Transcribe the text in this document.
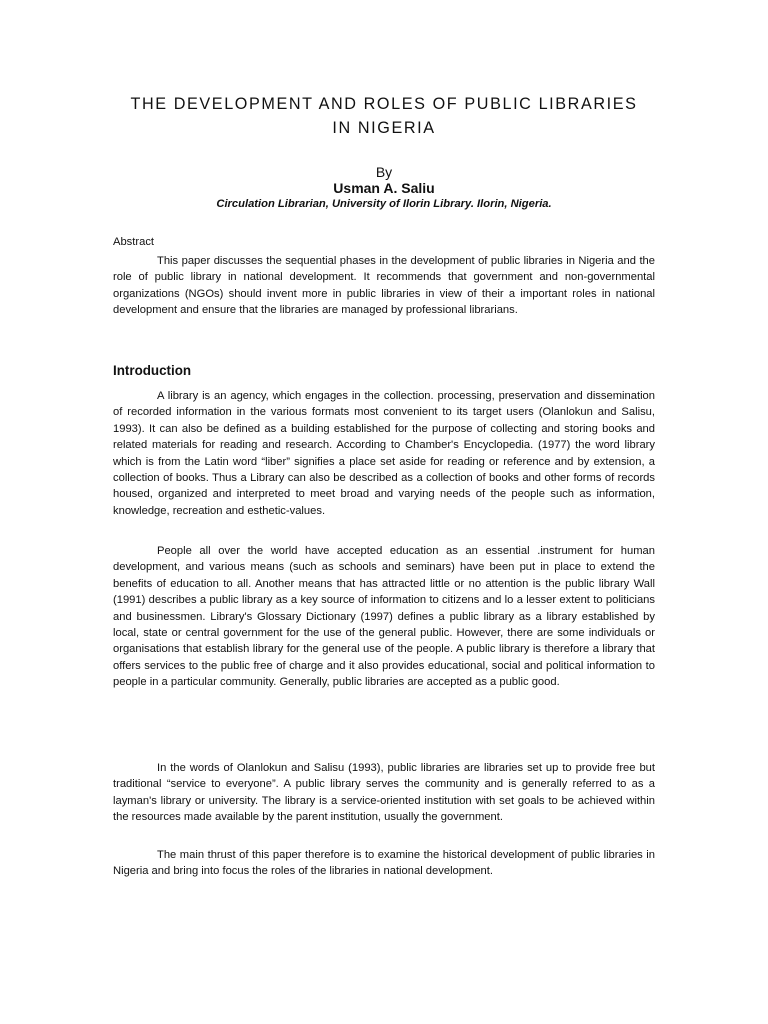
THE DEVELOPMENT AND ROLES OF PUBLIC LIBRARIES
IN NIGERIA
By
Usman A. Saliu
Circulation Librarian, University of Ilorin Library. Ilorin, Nigeria.
Abstract

This paper discusses the sequential phases in the development of public libraries in Nigeria and the role of public library in national development. It recommends that government and non-governmental organizations (NGOs) should invent more in public libraries in view of their a important roles in national development and ensure that the libraries are managed by professional librarians.

Introduction

A library is an agency, which engages in the collection. processing, preservation and dissemination of recorded information in the various formats most convenient to its target users (Olanlokun and Salisu, 1993). It can also be defined as a building established for the purpose of collecting and storing books and related materials for reading and research. According to Chamber's Encyclopedia. (1977) the word library which is from the Latin word “liber” signifies a place set aside for reading or reference and by extension, a collection of books. Thus a Library can also be described as a collection of books and other forms of records housed, organized and interpreted to meet broad and varying needs of the people such as information, knowledge, recreation and esthetic-values.

People all over the world have accepted education as an essential .instrument for human development, and various means (such as schools and seminars) have been put in place to extend the benefits of education to all. Another means that has attracted little or no attention is the public library Wall (1991) describes a public library as a key source of information to citizens and lo a lesser extent to politicians and businessmen. Library's Glossary Dictionary (1997) defines a public library as a library established by local, state or central government for the use of the general public. However, there are some individuals or organisations that establish library for the general use of the people. A public library is therefore a library that offers services to the public free of charge and it also provides educational, social and political information to people in a particular community. Generally, public libraries are accepted as a public good.

In the words of Olanlokun and Salisu (1993), public libraries are libraries set up to provide free but traditional “service to everyone”. A public library serves the community and is generally referred to as a layman's library or university. The library is a service-oriented institution with set goals to be achieved within the resources made available by the parent institution, usually the government.

The main thrust of this paper therefore is to examine the historical development of public libraries in Nigeria and bring into focus the roles of the libraries in national development.
